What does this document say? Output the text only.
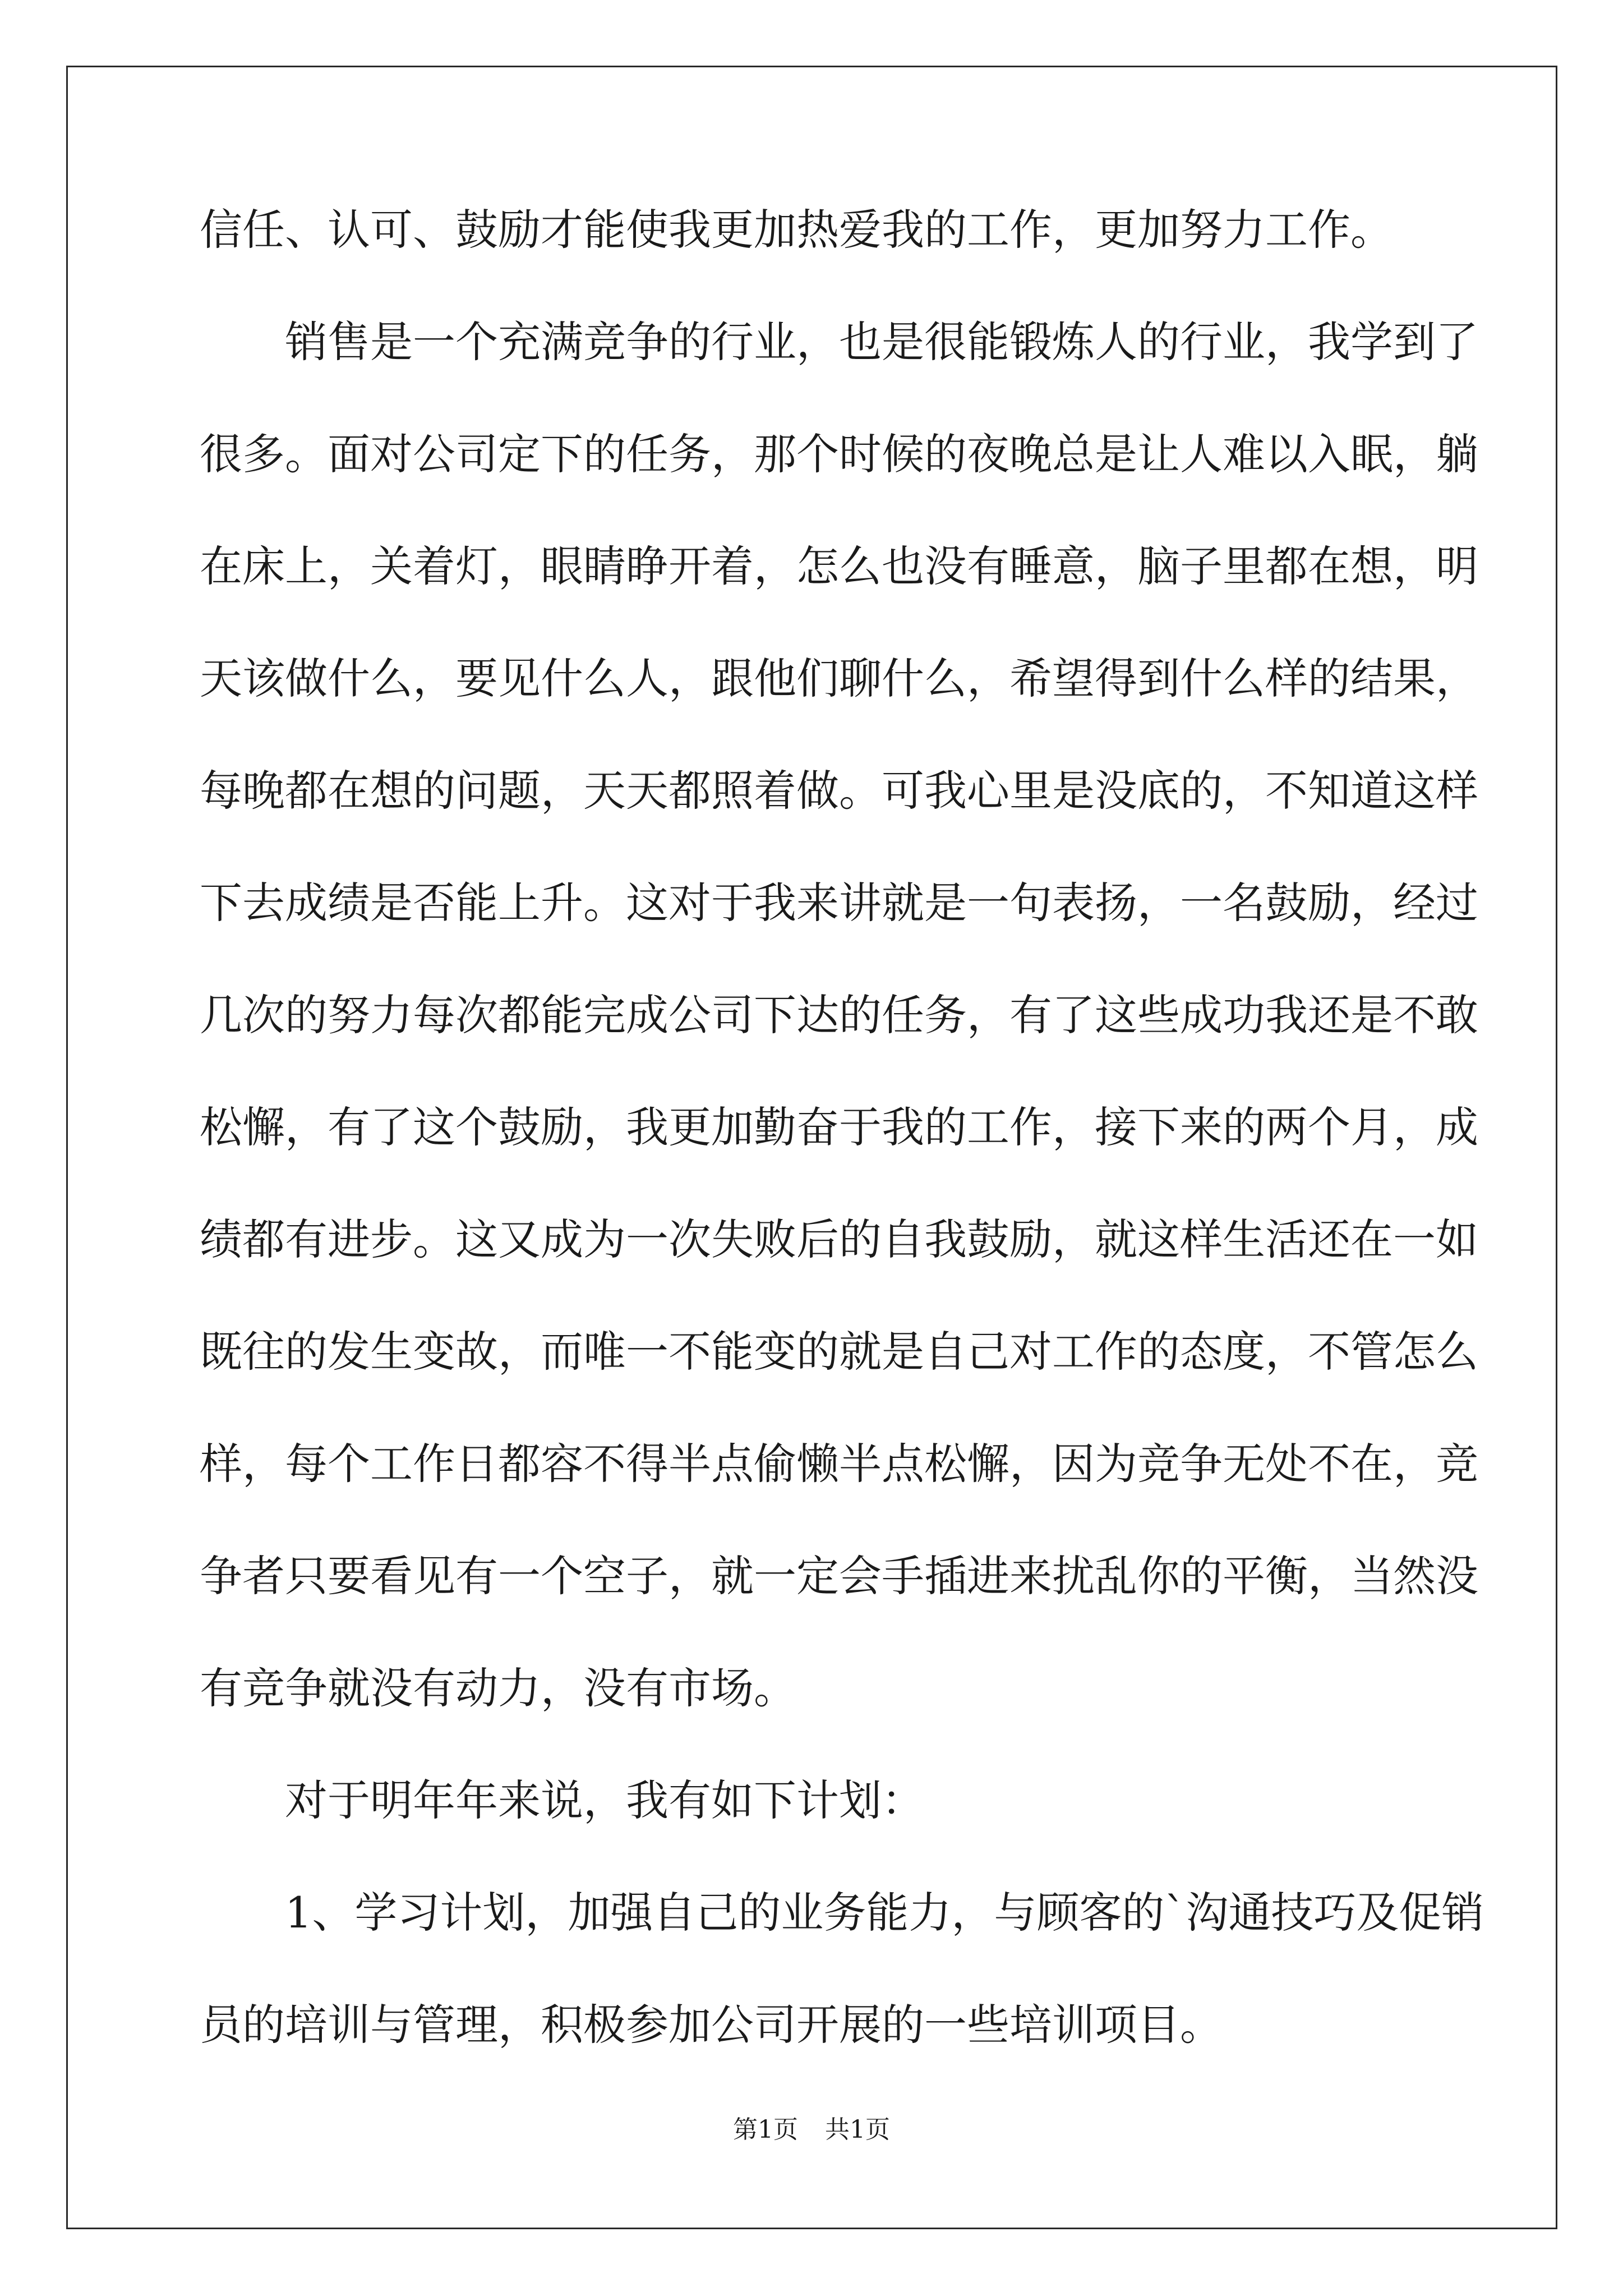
信任、认可、鼓励才能使我更加热爱我的工作，更加努力工作。
销售是一个充满竞争的行业，也是很能锻炼人的行业，我学到了
很多。面对公司定下的任务，那个时候的夜晚总是让人难以入眠，躺
在床上，关着灯，眼睛睁开着，怎么也没有睡意，脑子里都在想，明
天该做什么，要见什么人，跟他们聊什么，希望得到什么样的结果，
每晚都在想的问题，天天都照着做。可我心里是没底的，不知道这样
下去成绩是否能上升。这对于我来讲就是一句表扬，一名鼓励，经过
几次的努力每次都能完成公司下达的任务，有了这些成功我还是不敢
松懈，有了这个鼓励，我更加勤奋于我的工作，接下来的两个月，成
绩都有进步。这又成为一次失败后的自我鼓励，就这样生活还在一如
既往的发生变故，而唯一不能变的就是自己对工作的态度，不管怎么
样，每个工作日都容不得半点偷懒半点松懈，因为竞争无处不在，竞
争者只要看见有一个空子，就一定会手插进来扰乱你的平衡，当然没
有竞争就没有动力，没有市场。
对于明年年来说，我有如下计划：
1、学习计划，加强自己的业务能力，与顾客的`沟通技巧及促销
员的培训与管理，积极参加公司开展的一些培训项目。
第1页 共1页
